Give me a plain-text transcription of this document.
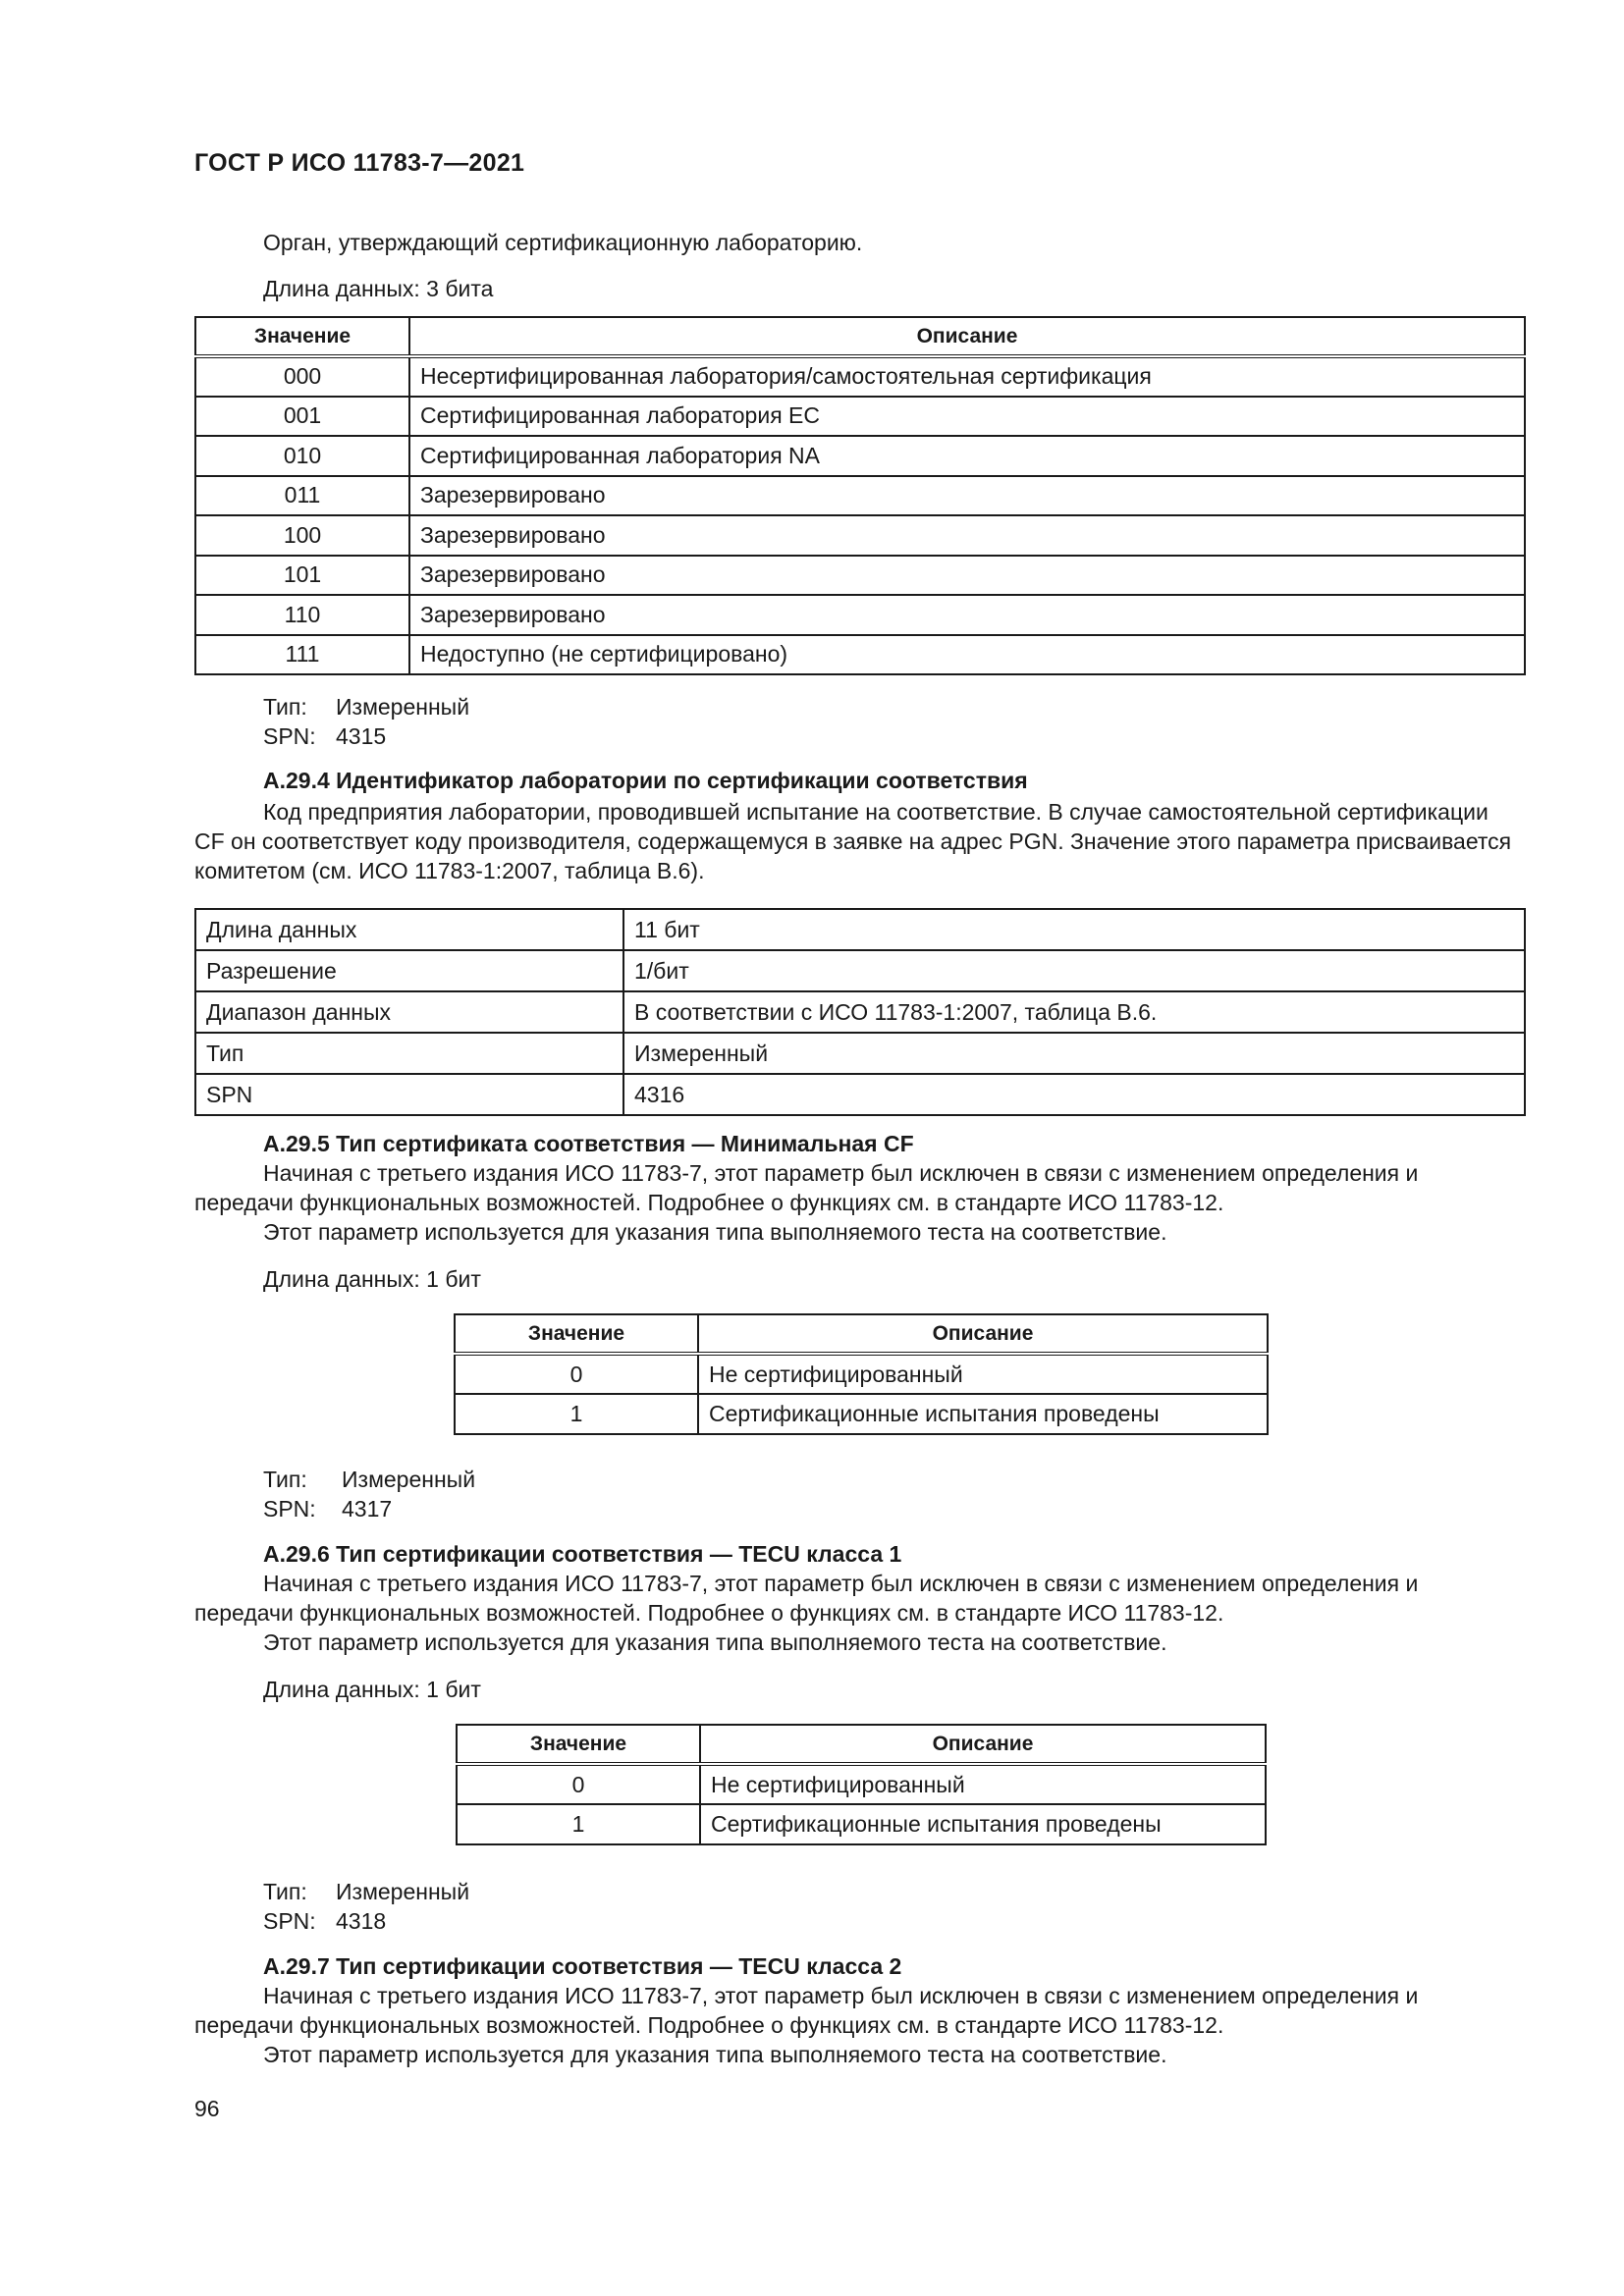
ГОСТ Р ИСО 11783-7—2021
Орган, утверждающий сертификационную лабораторию.
Длина данных: 3 бита
Значение	Описание
000	Несертифицированная лаборатория/самостоятельная сертификация
001	Сертифицированная лаборатория EC
010	Сертифицированная лаборатория NA
011	Зарезервировано
100	Зарезервировано
101	Зарезервировано
110	Зарезервировано
111	Недоступно (не сертифицировано)
Тип: Измеренный
SPN: 4315
А.29.4 Идентификатор лаборатории по сертификации соответствия
Код предприятия лаборатории, проводившей испытание на соответствие. В случае самостоятельной сертификации CF он соответствует коду производителя, содержащемуся в заявке на адрес PGN. Значение этого параметра присваивается комитетом (см. ИСО 11783-1:2007, таблица B.6).
Длина данных	11 бит
Разрешение	1/бит
Диапазон данных	В соответствии с ИСО 11783-1:2007, таблица B.6.
Тип	Измеренный
SPN	4316
А.29.5 Тип сертификата соответствия — Минимальная CF
Начиная с третьего издания ИСО 11783-7, этот параметр был исключен в связи с изменением определения и передачи функциональных возможностей. Подробнее о функциях см. в стандарте ИСО 11783-12.
Этот параметр используется для указания типа выполняемого теста на соответствие.
Длина данных: 1 бит
Значение	Описание
0	Не сертифицированный
1	Сертификационные испытания проведены
Тип: Измеренный
SPN: 4317
А.29.6 Тип сертификации соответствия — TECU класса 1
Начиная с третьего издания ИСО 11783-7, этот параметр был исключен в связи с изменением определения и передачи функциональных возможностей. Подробнее о функциях см. в стандарте ИСО 11783-12.
Этот параметр используется для указания типа выполняемого теста на соответствие.
Длина данных: 1 бит
Значение	Описание
0	Не сертифицированный
1	Сертификационные испытания проведены
Тип: Измеренный
SPN: 4318
А.29.7 Тип сертификации соответствия — TECU класса 2
Начиная с третьего издания ИСО 11783-7, этот параметр был исключен в связи с изменением определения и передачи функциональных возможностей. Подробнее о функциях см. в стандарте ИСО 11783-12.
Этот параметр используется для указания типа выполняемого теста на соответствие.
96
